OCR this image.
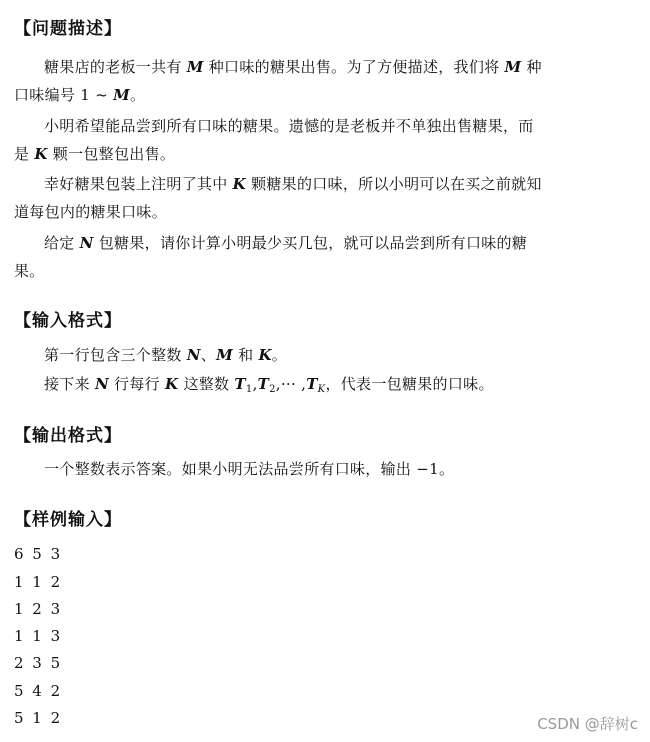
【问题描述】
糖果店的老板一共有 M 种口味的糖果出售。为了方便描述，我们将 M 种
口味编号 1 ~ M。
小明希望能品尝到所有口味的糖果。遗憾的是老板并不单独出售糖果，而
是 K 颗一包整包出售。
幸好糖果包装上注明了其中 K 颗糖果的口味，所以小明可以在买之前就知
道每包内的糖果口味。
给定 N 包糖果，请你计算小明最少买几包，就可以品尝到所有口味的糖
果。
【输入格式】
第一行包含三个整数 N、M 和 K。
接下来 N 行每行 K 这整数 $T_1,T_2,\cdot\cdot\cdot ,T_K$，代表一包糖果的口味。
【输出格式】
一个整数表示答案。如果小明无法品尝所有口味，输出 −1。
【样例输入】
6 5 3
1 1 2
1 2 3
1 1 3
2 3 5
5 4 2
5 1 2	CSDN @辞树c
